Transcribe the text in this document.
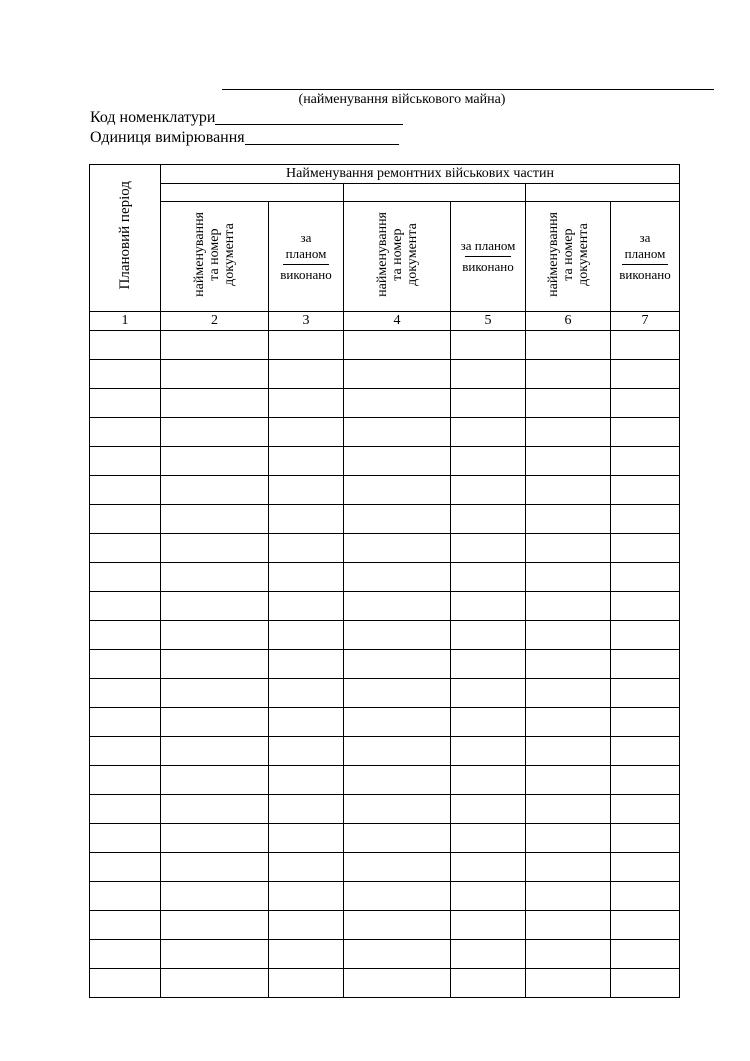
(найменування військового майна)
Код номенклатури
Одиниця вимірювання
Плановий період	Найменування ремонтних військових частин					

	найменування
та номер
документа	за
планом
виконано	найменування
та номер
документа	за планом
виконано	найменування
та номер
документа	за
планом
виконано
1	2	3	4	5	6	7
